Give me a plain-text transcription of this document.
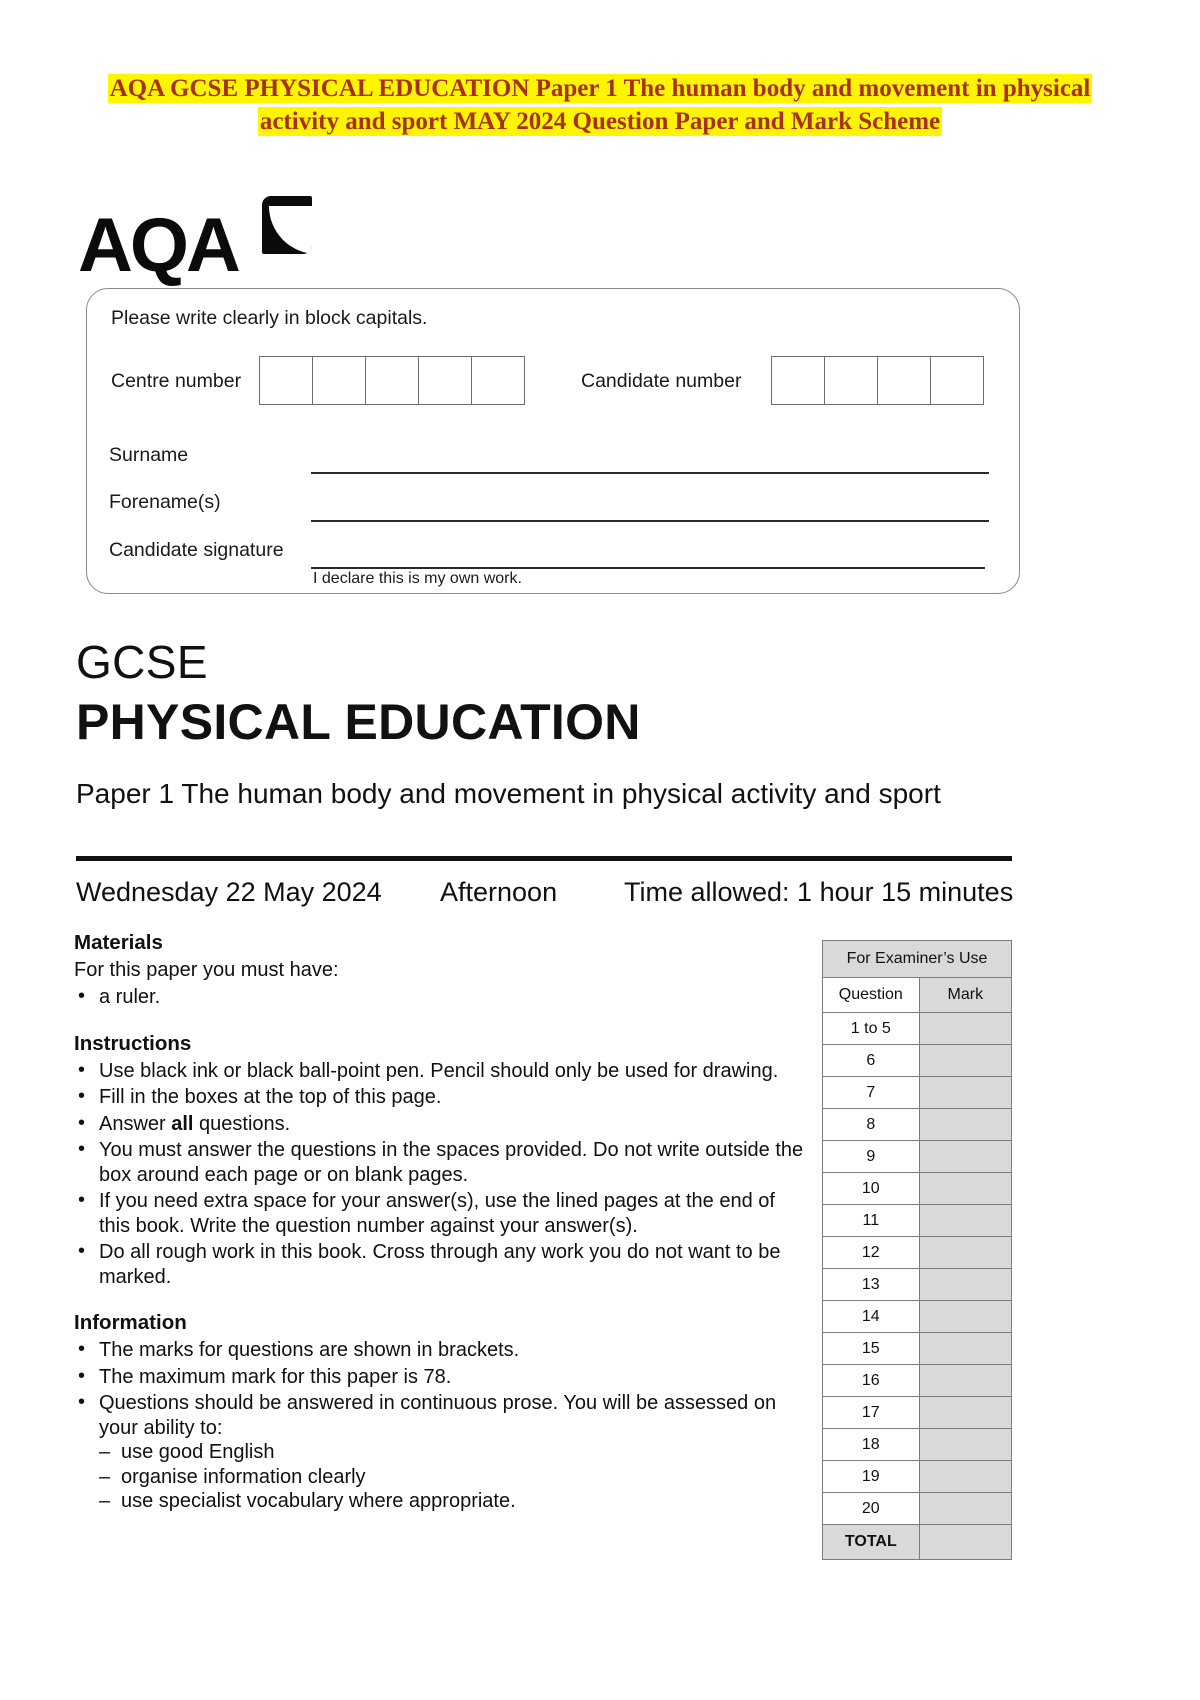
AQA GCSE PHYSICAL EDUCATION Paper 1 The human body and movement in physical
activity and sport MAY 2024 Question Paper and Mark Scheme
AQA
Please write clearly in block capitals.
Centre number	Candidate number
Surname
Forename(s)
Candidate signature
I declare this is my own work.
GCSE
PHYSICAL EDUCATION
Paper 1 The human body and movement in physical activity and sport
Wednesday 22 May 2024 Afternoon Time allowed: 1 hour 15 minutes
Materials

For this paper you must have:

• a ruler.
Instructions
• Use black ink or black ball-point pen. Pencil should only be used for drawing.
• Fill in the boxes at the top of this page.
• Answer all questions.
• You must answer the questions in the spaces provided. Do not write outside the box around each page or on blank pages.
• If you need extra space for your answer(s), use the lined pages at the end of this book. Write the question number against your answer(s).
• Do all rough work in this book. Cross through any work you do not want to be marked.
Information
• The marks for questions are shown in brackets.
• The maximum mark for this paper is 78.
• Questions should be answered in continuous prose. You will be assessed on your ability to:
– use good English
– organise information clearly
– use specialist vocabulary where appropriate.
For Examiner’s Use	
Question	Mark
1 to 5	
6	
7	
8	
9	
10	
11	
12	
13	
14	
15	
16	
17	
18	
19	
20	
TOTAL	
